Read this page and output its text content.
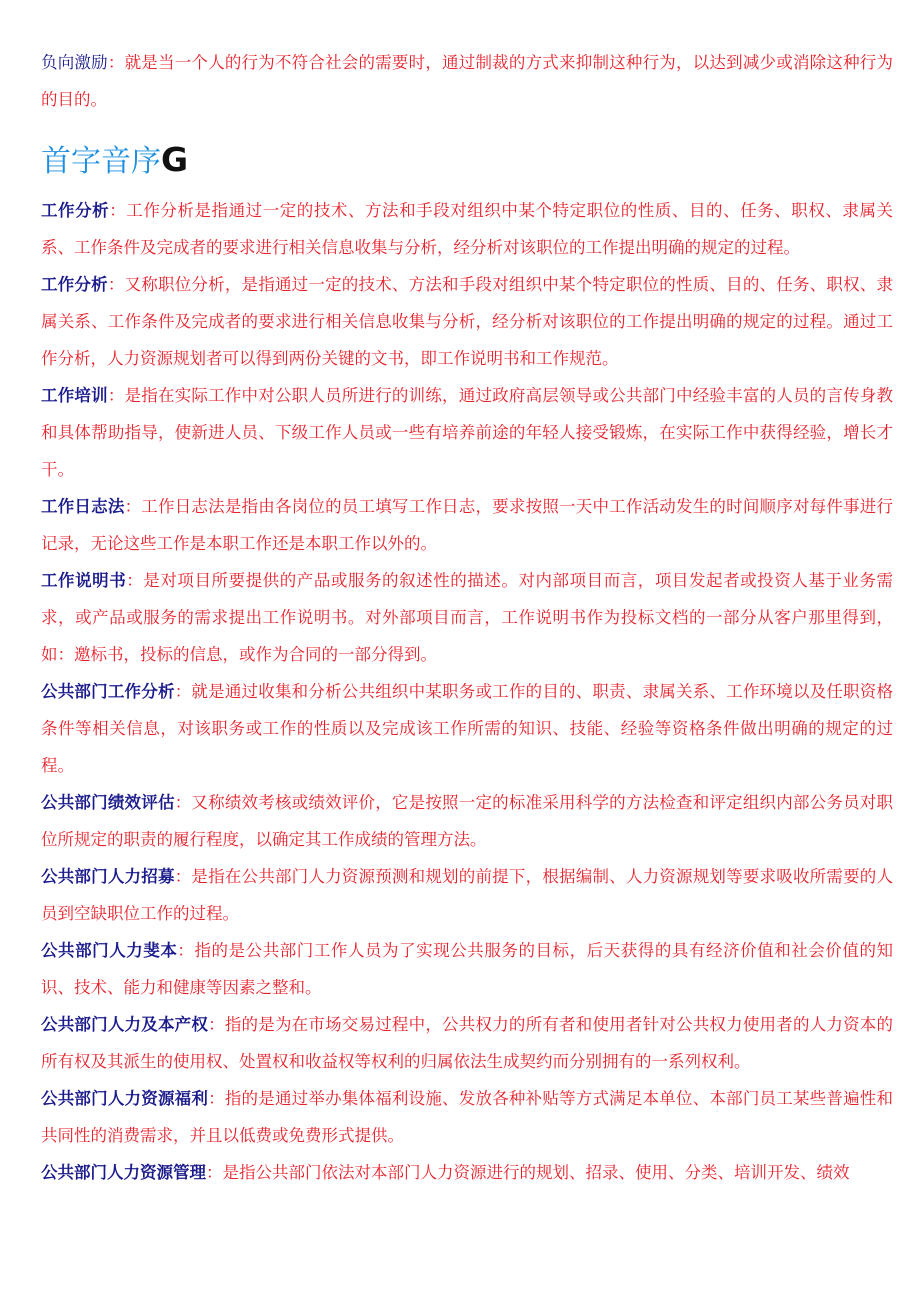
负向激励：就是当一个人的行为不符合社会的需要时，通过制裁的方式来抑制这种行为，以达到减少或消除这种行为的目的。

首字音序G

工作分析：工作分析是指通过一定的技术、方法和手段对组织中某个特定职位的性质、目的、任务、职权、隶属关系、工作条件及完成者的要求进行相关信息收集与分析，经分析对该职位的工作提出明确的规定的过程。

工作分析：又称职位分析，是指通过一定的技术、方法和手段对组织中某个特定职位的性质、目的、任务、职权、隶属关系、工作条件及完成者的要求进行相关信息收集与分析，经分析对该职位的工作提出明确的规定的过程。通过工作分析，人力资源规划者可以得到两份关键的文书，即工作说明书和工作规范。

工作培训：是指在实际工作中对公职人员所进行的训练，通过政府高层领导或公共部门中经验丰富的人员的言传身教和具体帮助指导，使新进人员、下级工作人员或一些有培养前途的年轻人接受锻炼，在实际工作中获得经验，增长才干。

工作日志法：工作日志法是指由各岗位的员工填写工作日志，要求按照一天中工作活动发生的时间顺序对每件事进行记录，无论这些工作是本职工作还是本职工作以外的。

工作说明书：是对项目所要提供的产品或服务的叙述性的描述。对内部项目而言，项目发起者或投资人基于业务需求，或产品或服务的需求提出工作说明书。对外部项目而言，工作说明书作为投标文档的一部分从客户那里得到，如：邀标书，投标的信息，或作为合同的一部分得到。

公共部门工作分析：就是通过收集和分析公共组织中某职务或工作的目的、职责、隶属关系、工作环境以及任职资格条件等相关信息，对该职务或工作的性质以及完成该工作所需的知识、技能、经验等资格条件做出明确的规定的过程。

公共部门绩效评估：又称绩效考核或绩效评价，它是按照一定的标准采用科学的方法检查和评定组织内部公务员对职位所规定的职责的履行程度，以确定其工作成绩的管理方法。

公共部门人力招募：是指在公共部门人力资源预测和规划的前提下，根据编制、人力资源规划等要求吸收所需要的人员到空缺职位工作的过程。

公共部门人力斐本：指的是公共部门工作人员为了实现公共服务的目标，后天获得的具有经济价值和社会价值的知识、技术、能力和健康等因素之整和。

公共部门人力及本产权：指的是为在市场交易过程中，公共权力的所有者和使用者针对公共权力使用者的人力资本的所有权及其派生的使用权、处置权和收益权等权利的归属依法生成契约而分别拥有的一系列权利。

公共部门人力资源福利：指的是通过举办集体福利设施、发放各种补贴等方式满足本单位、本部门员工某些普遍性和共同性的消费需求，并且以低费或免费形式提供。

公共部门人力资源管理：是指公共部门依法对本部门人力资源进行的规划、招录、使用、分类、培训开发、绩效
